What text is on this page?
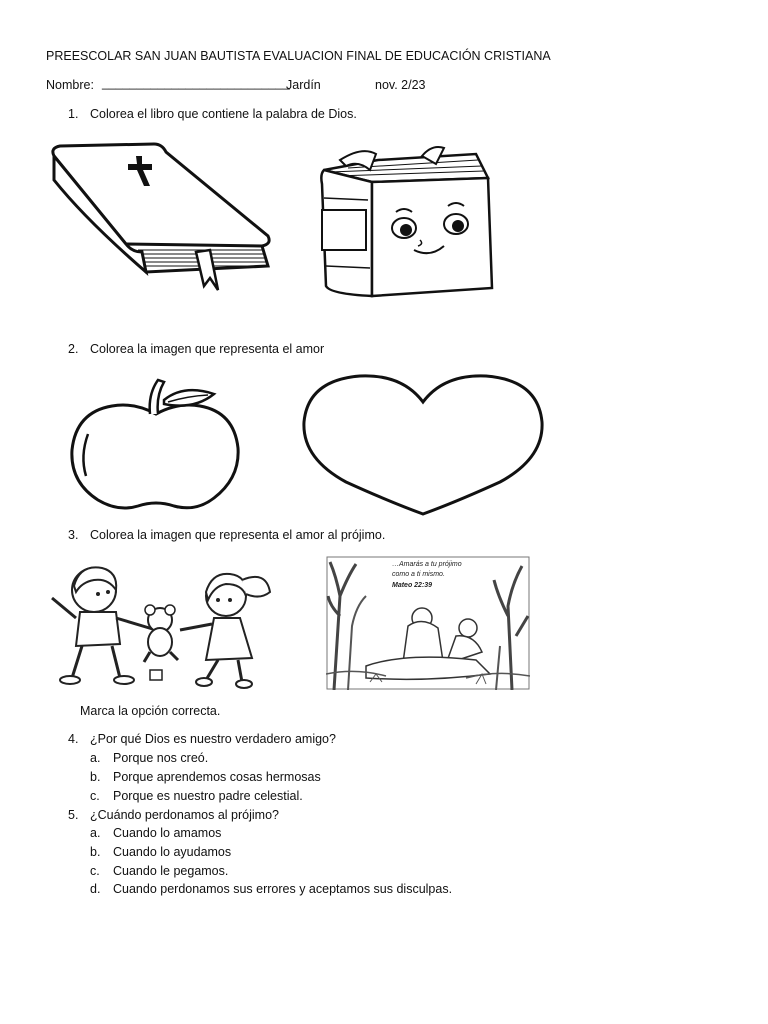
PREESCOLAR SAN JUAN BAUTISTA EVALUACION FINAL DE EDUCACIÓN CRISTIANA
Nombre: ___________________________
Jardín	nov. 2/23
1. Colorea el libro que contiene la palabra de Dios.
2. Colorea la imagen que representa el amor
3. Colorea la imagen que representa el amor al prójimo.
…Amarás a tu prójimo
como a ti mismo.
Mateo 22:39
Marca la opción correcta.
4. ¿Por qué Dios es nuestro verdadero amigo?
a. Porque nos creó.
b. Porque aprendemos cosas hermosas
c. Porque es nuestro padre celestial.
5. ¿Cuándo perdonamos al prójimo?
a. Cuando lo amamos
b. Cuando lo ayudamos
c. Cuando le pegamos.
d. Cuando perdonamos sus errores y aceptamos sus disculpas.
